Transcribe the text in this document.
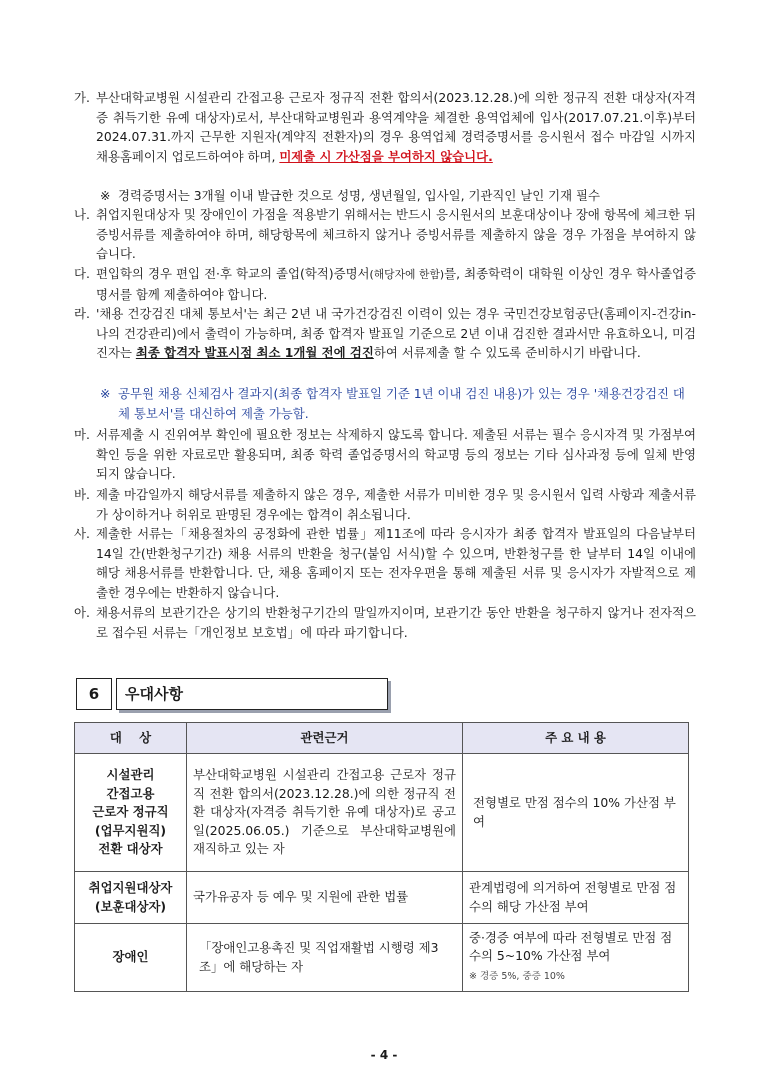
가. 부산대학교병원 시설관리 간접고용 근로자 정규직 전환 합의서(2023.12.28.)에 의한 정규직 전환 대상자(자격증 취득기한 유예 대상자)로서, 부산대학교병원과 용역계약을 체결한 용역업체에 입사(2017.07.21.이후)부터 2024.07.31.까지 근무한 지원자(계약직 전환자)의 경우 용역업체 경력증명서를 응시원서 접수 마감일 시까지 채용홈페이지 업로드하여야 하며, 미제출 시 가산점을 부여하지 않습니다.
※ 경력증명서는 3개월 이내 발급한 것으로 성명, 생년월일, 입사일, 기관직인 날인 기재 필수
나. 취업지원대상자 및 장애인이 가점을 적용받기 위해서는 반드시 응시원서의 보훈대상이나 장애 항목에 체크한 뒤 증빙서류를 제출하여야 하며, 해당항목에 체크하지 않거나 증빙서류를 제출하지 않을 경우 가점을 부여하지 않습니다.
다. 편입학의 경우 편입 전·후 학교의 졸업(학적)증명서(해당자에 한함)를, 최종학력이 대학원 이상인 경우 학사졸업증명서를 함께 제출하여야 합니다.
라. '채용 건강검진 대체 통보서'는 최근 2년 내 국가건강검진 이력이 있는 경우 국민건강보험공단(홈페이지-건강in-나의 건강관리)에서 출력이 가능하며, 최종 합격자 발표일 기준으로 2년 이내 검진한 결과서만 유효하오니, 미검진자는 최종 합격자 발표시점 최소 1개월 전에 검진하여 서류제출 할 수 있도록 준비하시기 바랍니다.
※ 공무원 채용 신체검사 결과지(최종 합격자 발표일 기준 1년 이내 검진 내용)가 있는 경우 '채용건강검진 대체 통보서'를 대신하여 제출 가능함.
마. 서류제출 시 진위여부 확인에 필요한 정보는 삭제하지 않도록 합니다. 제출된 서류는 필수 응시자격 및 가점부여 확인 등을 위한 자료로만 활용되며, 최종 학력 졸업증명서의 학교명 등의 정보는 기타 심사과정 등에 일체 반영되지 않습니다.
바. 제출 마감일까지 해당서류를 제출하지 않은 경우, 제출한 서류가 미비한 경우 및 응시원서 입력 사항과 제출서류가 상이하거나 허위로 판명된 경우에는 합격이 취소됩니다.
사. 제출한 서류는「채용절차의 공정화에 관한 법률」제11조에 따라 응시자가 최종 합격자 발표일의 다음날부터 14일 간(반환청구기간) 채용 서류의 반환을 청구(붙임 서식)할 수 있으며, 반환청구를 한 날부터 14일 이내에 해당 채용서류를 반환합니다. 단, 채용 홈페이지 또는 전자우편을 통해 제출된 서류 및 응시자가 자발적으로 제출한 경우에는 반환하지 않습니다.
아. 채용서류의 보관기간은 상기의 반환청구기간의 말일까지이며, 보관기간 동안 반환을 청구하지 않거나 전자적으로 접수된 서류는「개인정보 보호법」에 따라 파기합니다.
6	우대사항
대    상	관련근거	주 요 내 용
시설관리
간접고용
근로자 정규직
(업무지원직)
전환 대상자	부산대학교병원 시설관리 간접고용 근로자 정규직 전환 합의서(2023.12.28.)에 의한 정규직 전환 대상자(자격증 취득기한 유예 대상자)로 공고일(2025.06.05.) 기준으로 부산대학교병원에 재직하고 있는 자	전형별로 만점 점수의 10% 가산점 부여
취업지원대상자
(보훈대상자)	국가유공자 등 예우 및 지원에 관한 법률	관계법령에 의거하여 전형별로 만점 점수의 해당 가산점 부여
장애인	「장애인고용촉진 및 직업재활법 시행령 제3조」에 해당하는 자	중·경증 여부에 따라 전형별로 만점 점수의 5~10% 가산점 부여
※ 경증 5%, 중증 10%
- 4 -
